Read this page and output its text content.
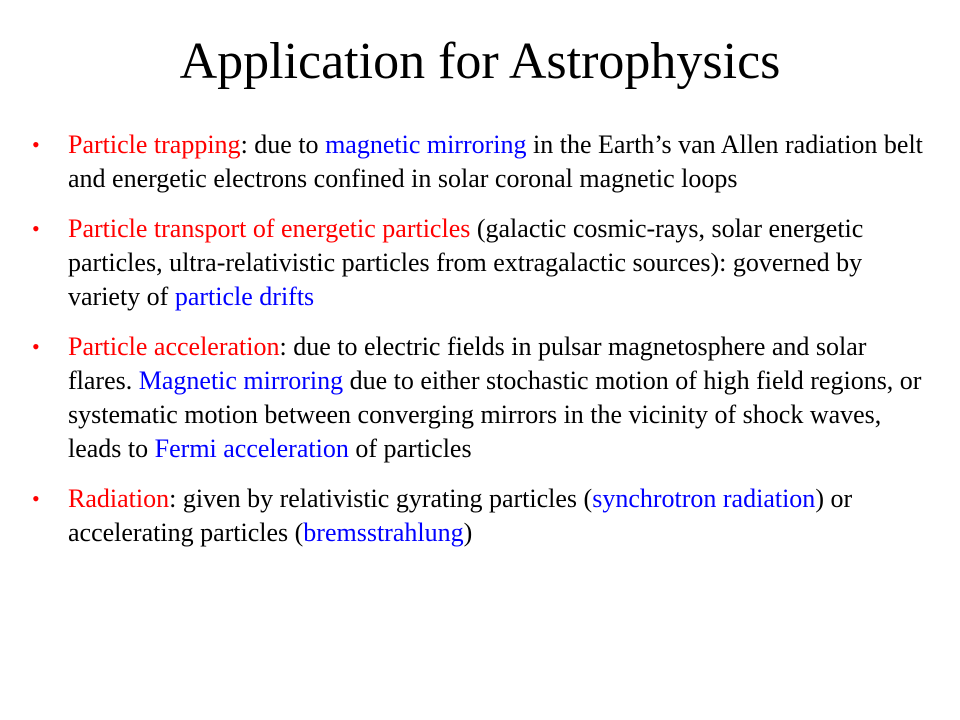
Application for Astrophysics
•	Particle trapping: due to magnetic mirroring in the Earth’s van Allen radiation belt and energetic electrons confined in solar coronal magnetic loops
•	Particle transport of energetic particles (galactic cosmic-rays, solar energetic particles, ultra-relativistic particles from extragalactic sources): governed by variety of particle drifts
•	Particle acceleration: due to electric fields in pulsar magnetosphere and solar flares. Magnetic mirroring due to either stochastic motion of high field regions, or systematic motion between converging mirrors in the vicinity of shock waves, leads to Fermi acceleration of particles
•	Radiation: given by relativistic gyrating particles (synchrotron radiation) or accelerating particles (bremsstrahlung)
